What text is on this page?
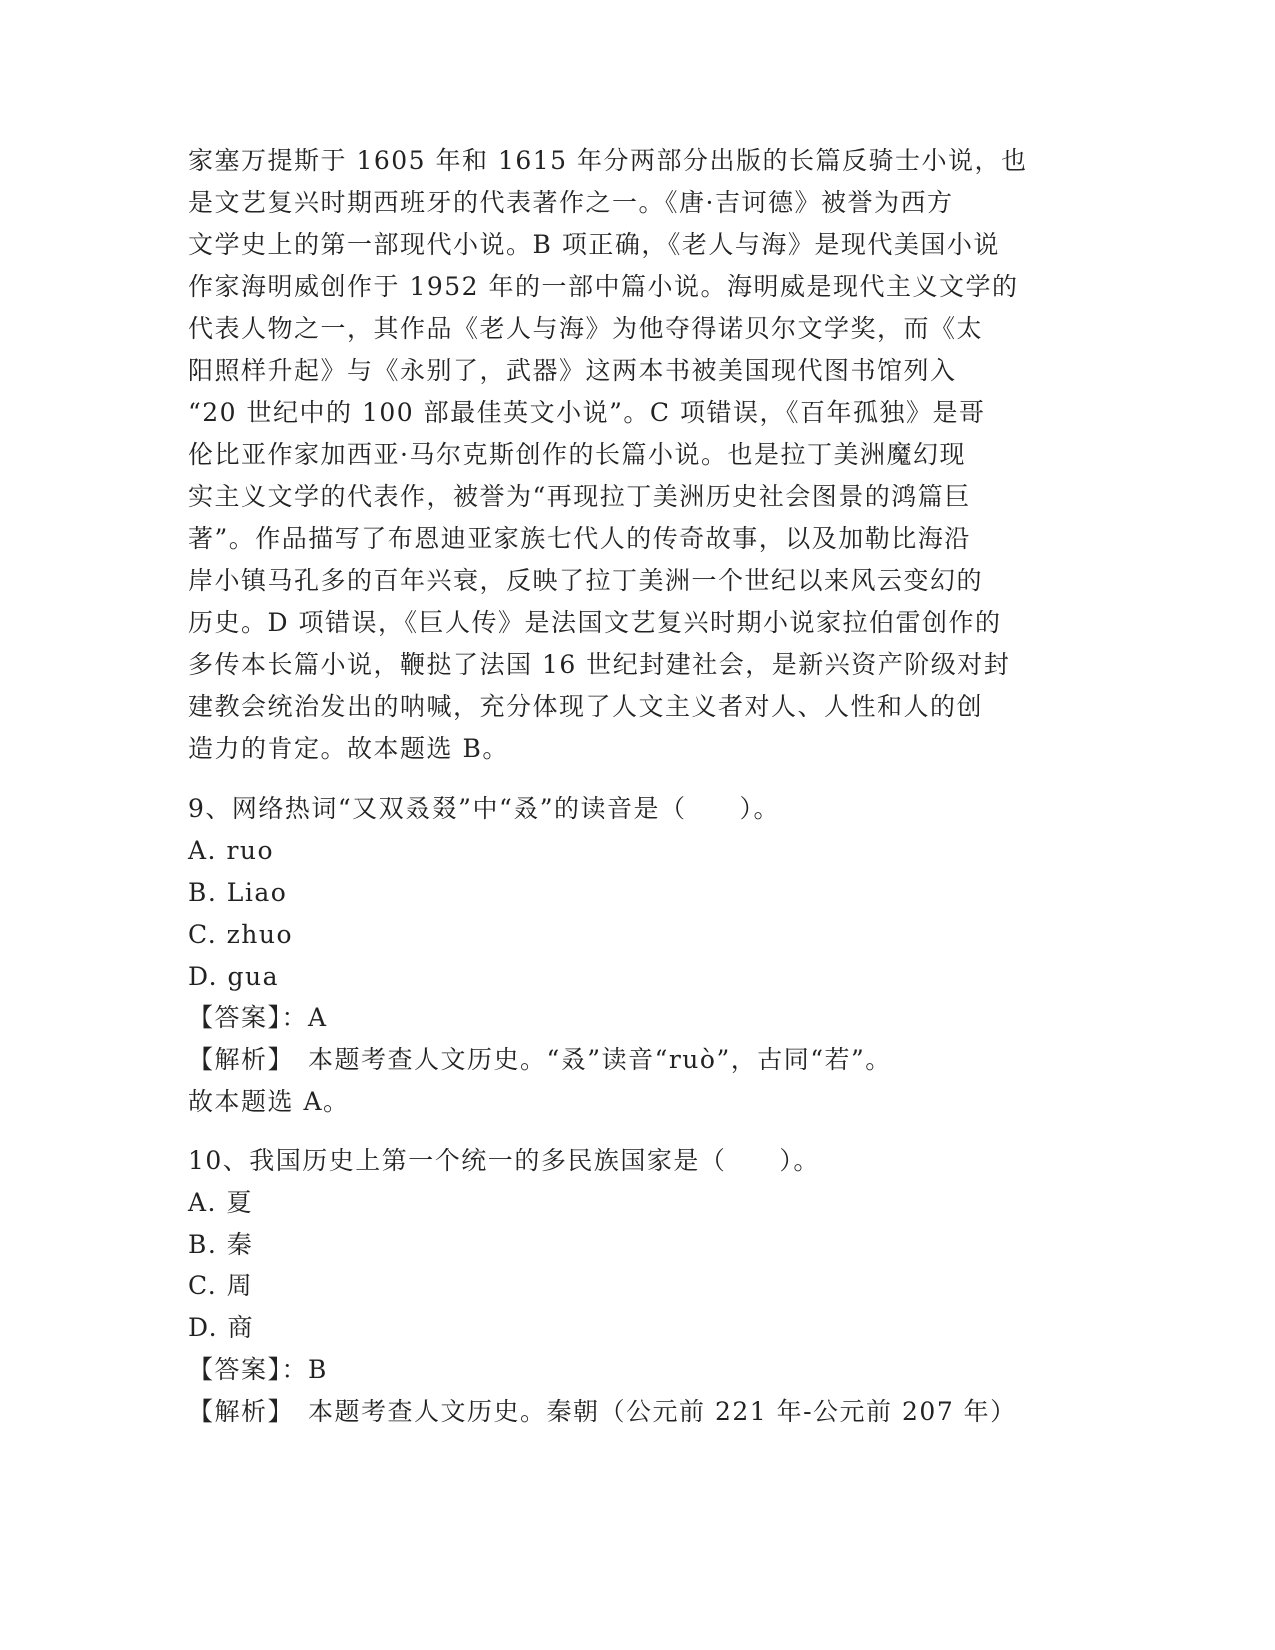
家塞万提斯于 1605 年和 1615 年分两部分出版的长篇反骑士小说，也
是文艺复兴时期西班牙的代表著作之一。《唐·吉诃德》被誉为西方
文学史上的第一部现代小说。B 项正确，《老人与海》是现代美国小说
作家海明威创作于 1952 年的一部中篇小说。海明威是现代主义文学的
代表人物之一，其作品《老人与海》为他夺得诺贝尔文学奖，而《太
阳照样升起》与《永别了，武器》这两本书被美国现代图书馆列入
“20 世纪中的 100 部最佳英文小说”。C 项错误，《百年孤独》是哥
伦比亚作家加西亚·马尔克斯创作的长篇小说。也是拉丁美洲魔幻现
实主义文学的代表作，被誉为“再现拉丁美洲历史社会图景的鸿篇巨
著”。作品描写了布恩迪亚家族七代人的传奇故事，以及加勒比海沿
岸小镇马孔多的百年兴衰，反映了拉丁美洲一个世纪以来风云变幻的
历史。D 项错误，《巨人传》是法国文艺复兴时期小说家拉伯雷创作的
多传本长篇小说，鞭挞了法国 16 世纪封建社会，是新兴资产阶级对封
建教会统治发出的呐喊，充分体现了人文主义者对人、人性和人的创
造力的肯定。故本题选 B。
9、网络热词“又双叒叕”中“叒”的读音是（　　）。
A. ruo
B. Liao
C. zhuo
D. gua
【答案】：A
【解析】　本题考查人文历史。“叒”读音“ruò”，古同“若”。
故本题选 A。
10、我国历史上第一个统一的多民族国家是（　　）。
A. 夏
B. 秦
C. 周
D. 商
【答案】：B
【解析】　本题考查人文历史。秦朝（公元前 221 年-公元前 207 年）
